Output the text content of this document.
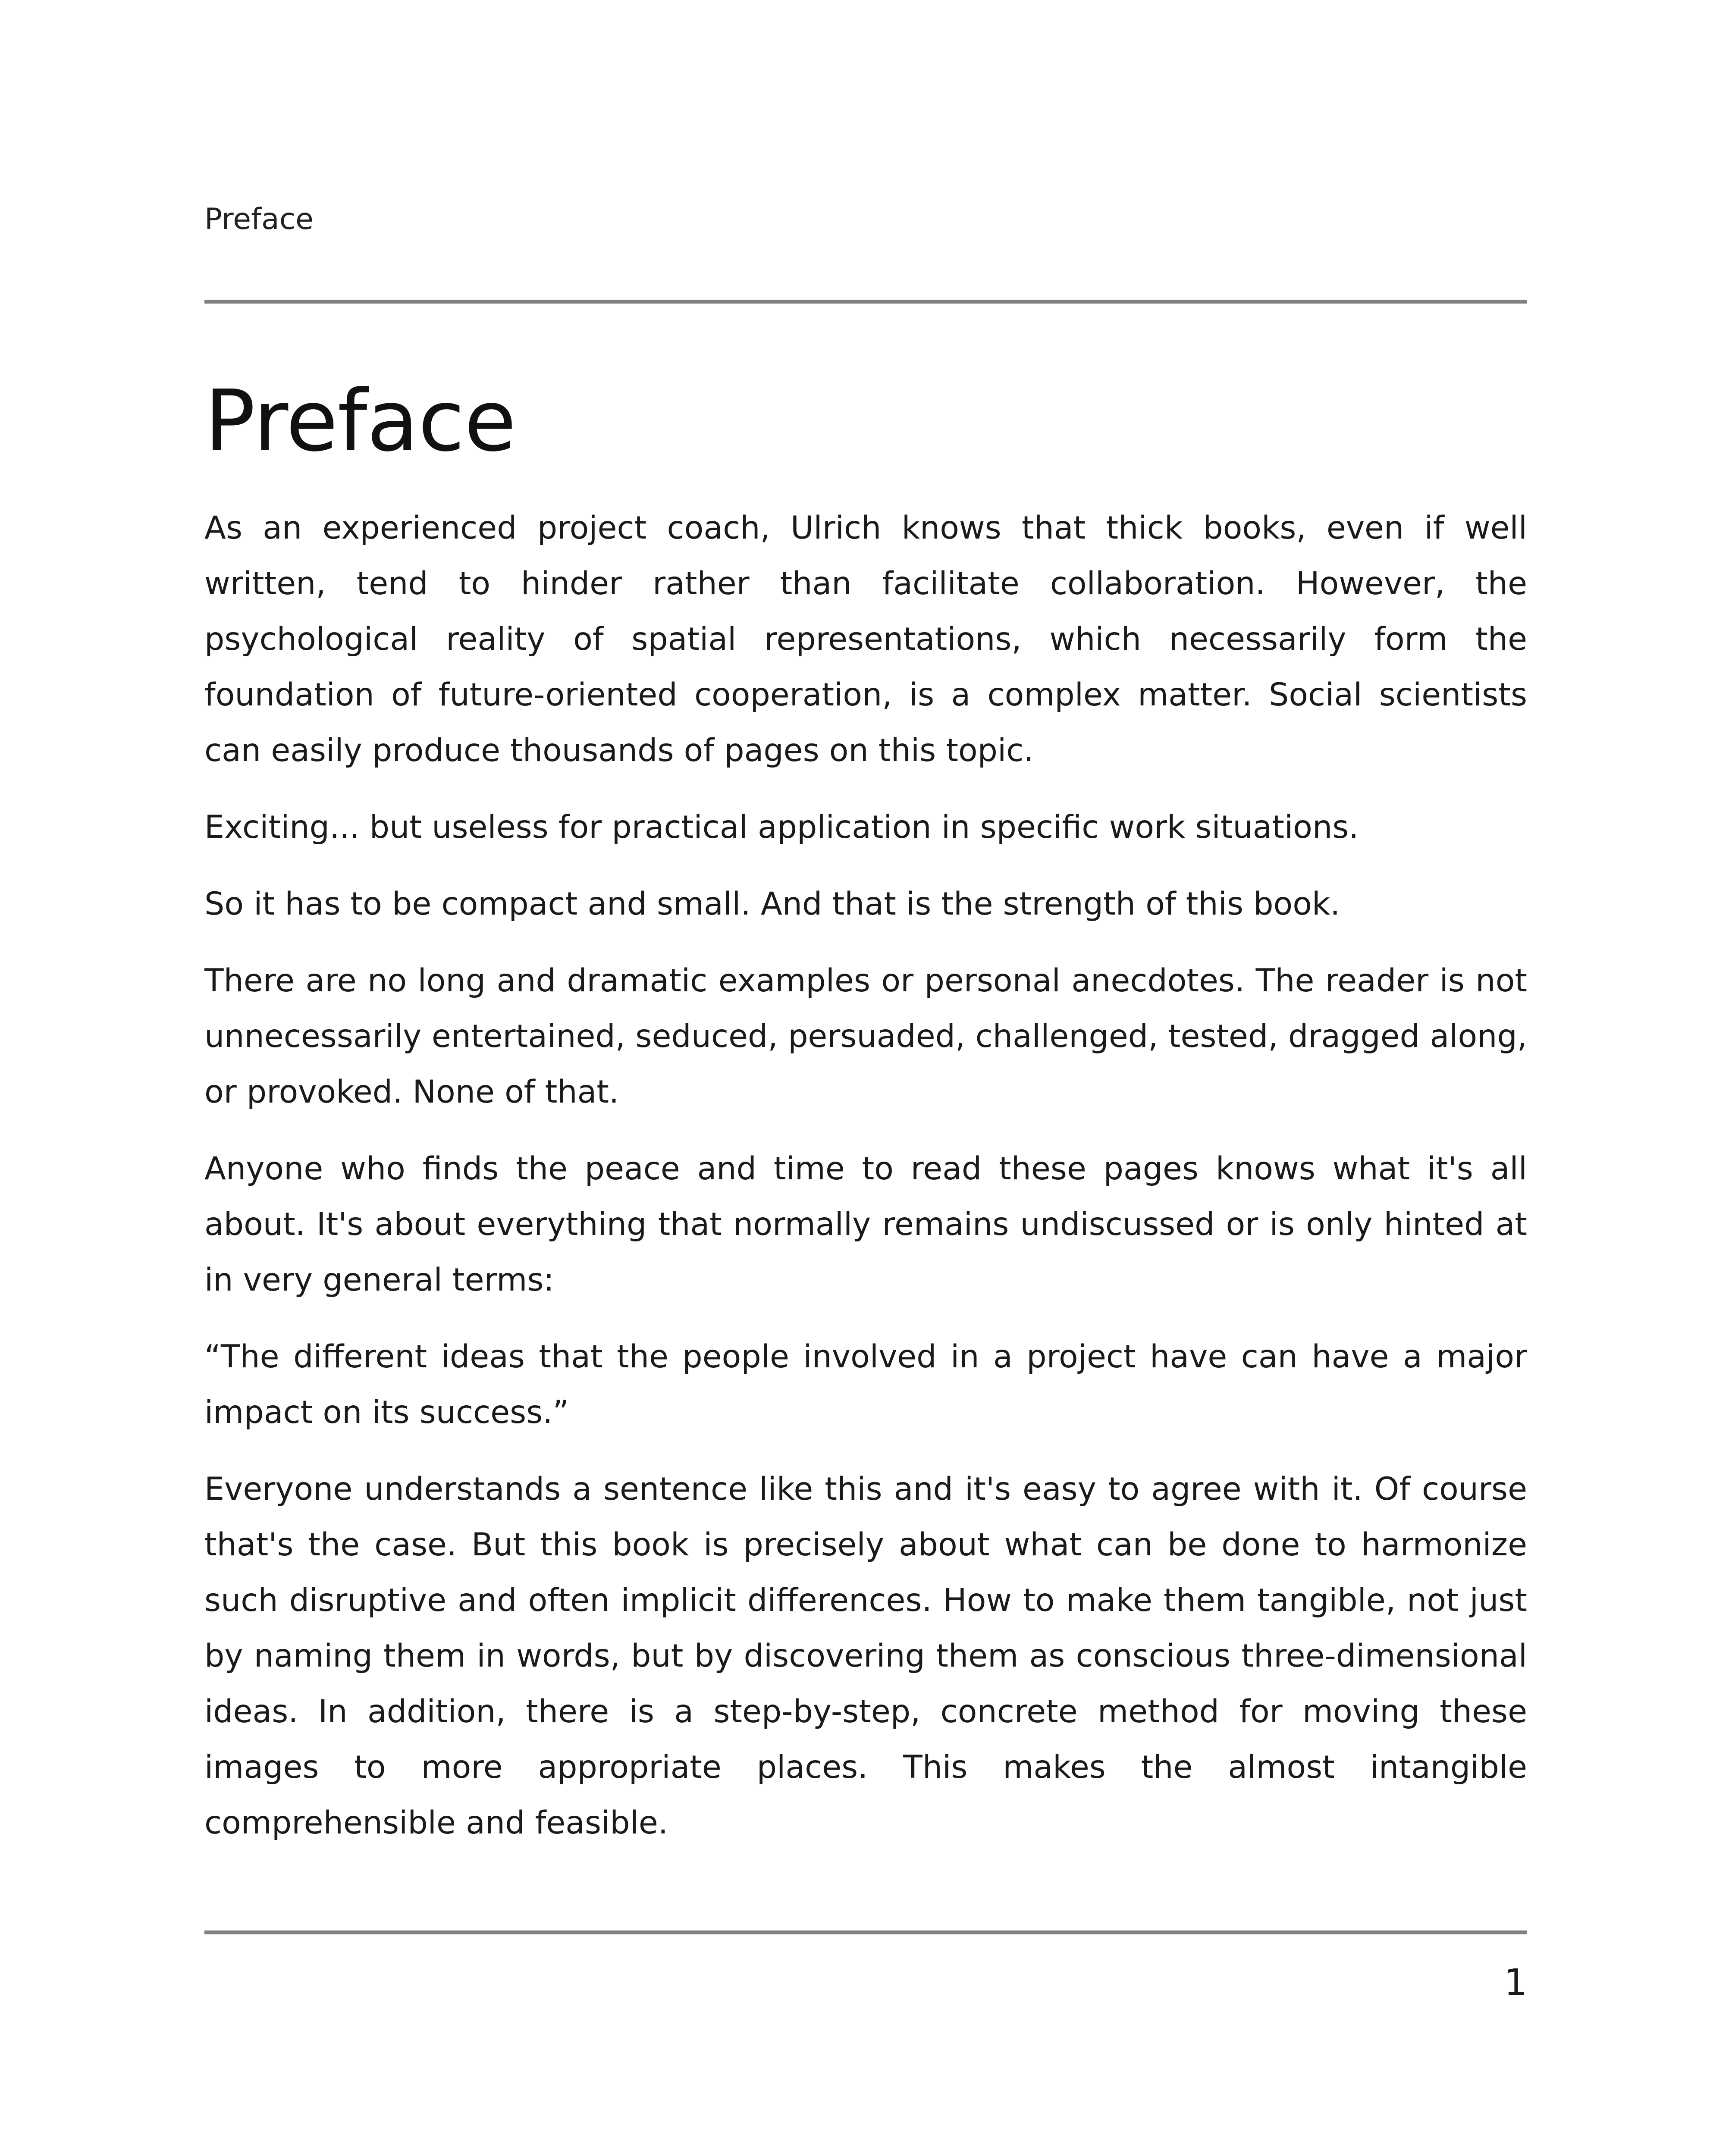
Preface
Preface

As an experienced project coach, Ulrich knows that thick books, even if well written, tend to hinder rather than facilitate collaboration. However, the psychological reality of spatial representations, which necessarily form the foundation of future-oriented cooperation, is a complex matter. Social scientists can easily produce thousands of pages on this topic.

Exciting... but useless for practical application in specific work situations.

So it has to be compact and small. And that is the strength of this book.

There are no long and dramatic examples or personal anecdotes. The reader is not unnecessarily entertained, seduced, persuaded, challenged, tested, dragged along, or provoked. None of that.

Anyone who finds the peace and time to read these pages knows what it's all about. It's about everything that normally remains undiscussed or is only hinted at in very general terms:

“The different ideas that the people involved in a project have can have a major impact on its success.”

Everyone understands a sentence like this and it's easy to agree with it. Of course that's the case. But this book is precisely about what can be done to harmonize such disruptive and often implicit differences. How to make them tangible, not just by naming them in words, but by discovering them as conscious three-dimensional ideas. In addition, there is a step-by-step, concrete method for moving these images to more appropriate places. This makes the almost intangible comprehensible and feasible.

1
